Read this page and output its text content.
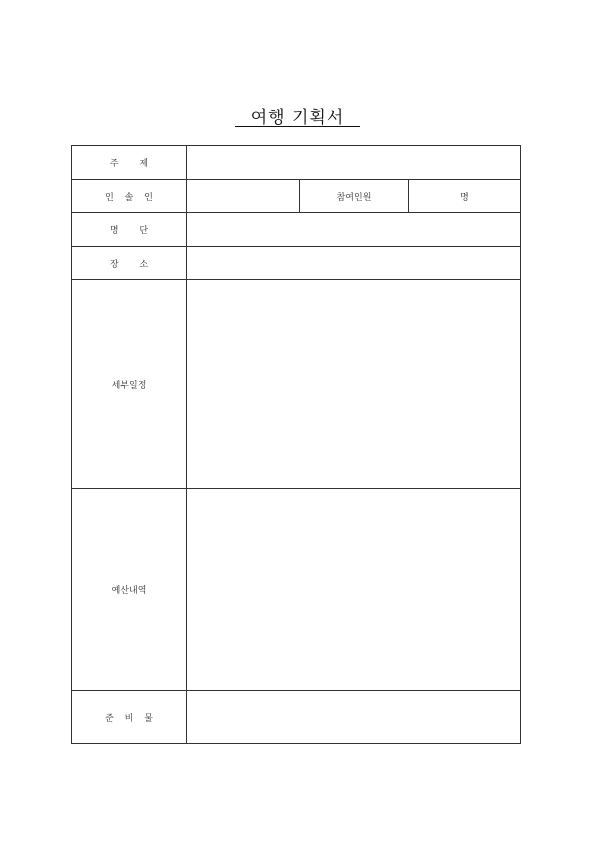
여행 기획서
주 제			
인 솔 인		참여인원	명
명 단			
장 소			
세부일정			
예산내역			
준 비 물			
